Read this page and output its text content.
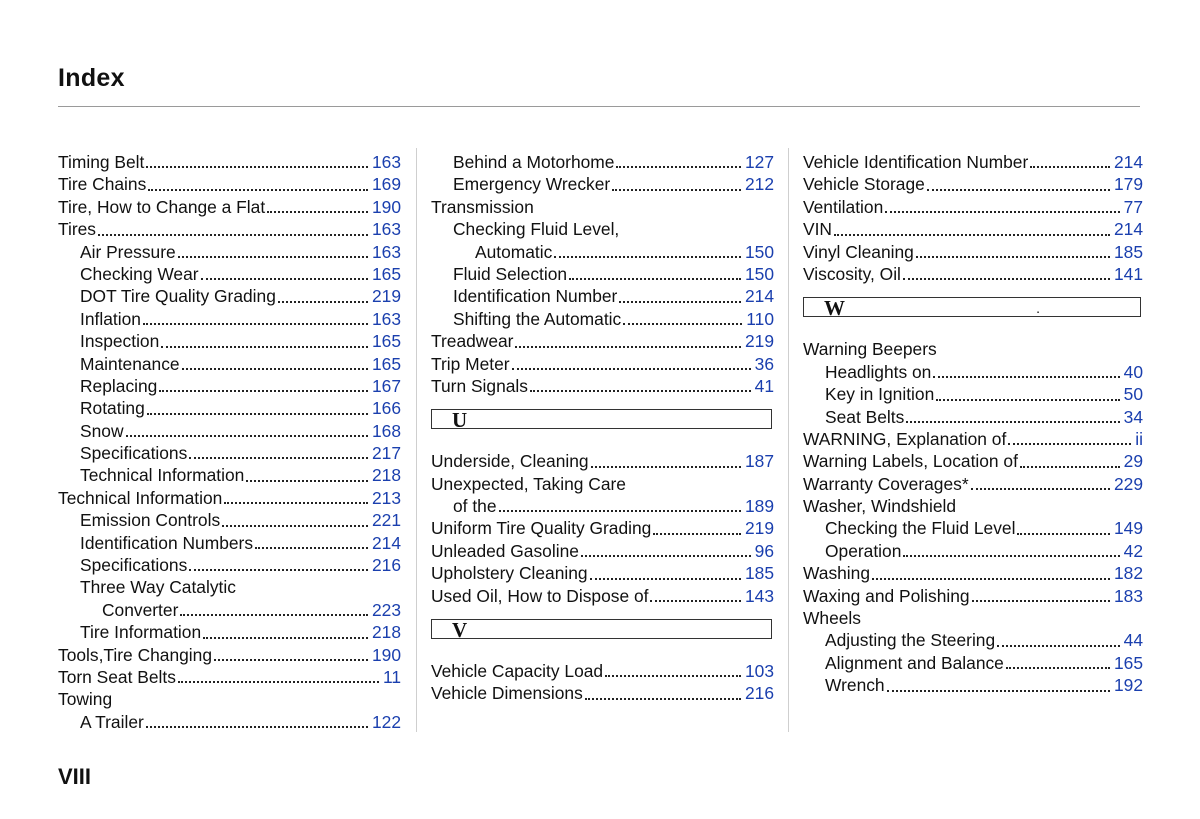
Index
Timing Belt	163
Tire Chains	169
Tire, How to Change a Flat	190
Tires	163
Air Pressure	163
Checking Wear	165
DOT Tire Quality Grading	219
Inflation	163
Inspection	165
Maintenance	165
Replacing	167
Rotating	166
Snow	168
Specifications	217
Technical Information	218
Technical Information	213
Emission Controls	221
Identification Numbers	214
Specifications	216
Three Way Catalytic
Converter	223
Tire Information	218
Tools,Tire Changing	190
Torn Seat Belts	11
Towing
A Trailer	122
Behind a Motorhome	127
Emergency Wrecker	212
Transmission
Checking Fluid Level,
Automatic	150
Fluid Selection	150
Identification Number	214
Shifting the Automatic	110
Treadwear	219
Trip Meter	36
Turn Signals	41
U
Underside, Cleaning	187
Unexpected, Taking Care
of the	189
Uniform Tire Quality Grading	219
Unleaded Gasoline	96
Upholstery Cleaning	185
Used Oil, How to Dispose of	143
V
Vehicle Capacity Load	103
Vehicle Dimensions	216
Vehicle Identification Number	214
Vehicle Storage	179
Ventilation	77
VIN	214
Vinyl Cleaning	185
Viscosity, Oil	141
W	.
Warning Beepers
Headlights on	40
Key in Ignition	50
Seat Belts	34
WARNING, Explanation of	ii
Warning Labels, Location of	29
Warranty Coverages*	229
Washer, Windshield
Checking the Fluid Level	149
Operation	42
Washing	182
Waxing and Polishing	183
Wheels
Adjusting the Steering	44
Alignment and Balance	165
Wrench	192
VIII
